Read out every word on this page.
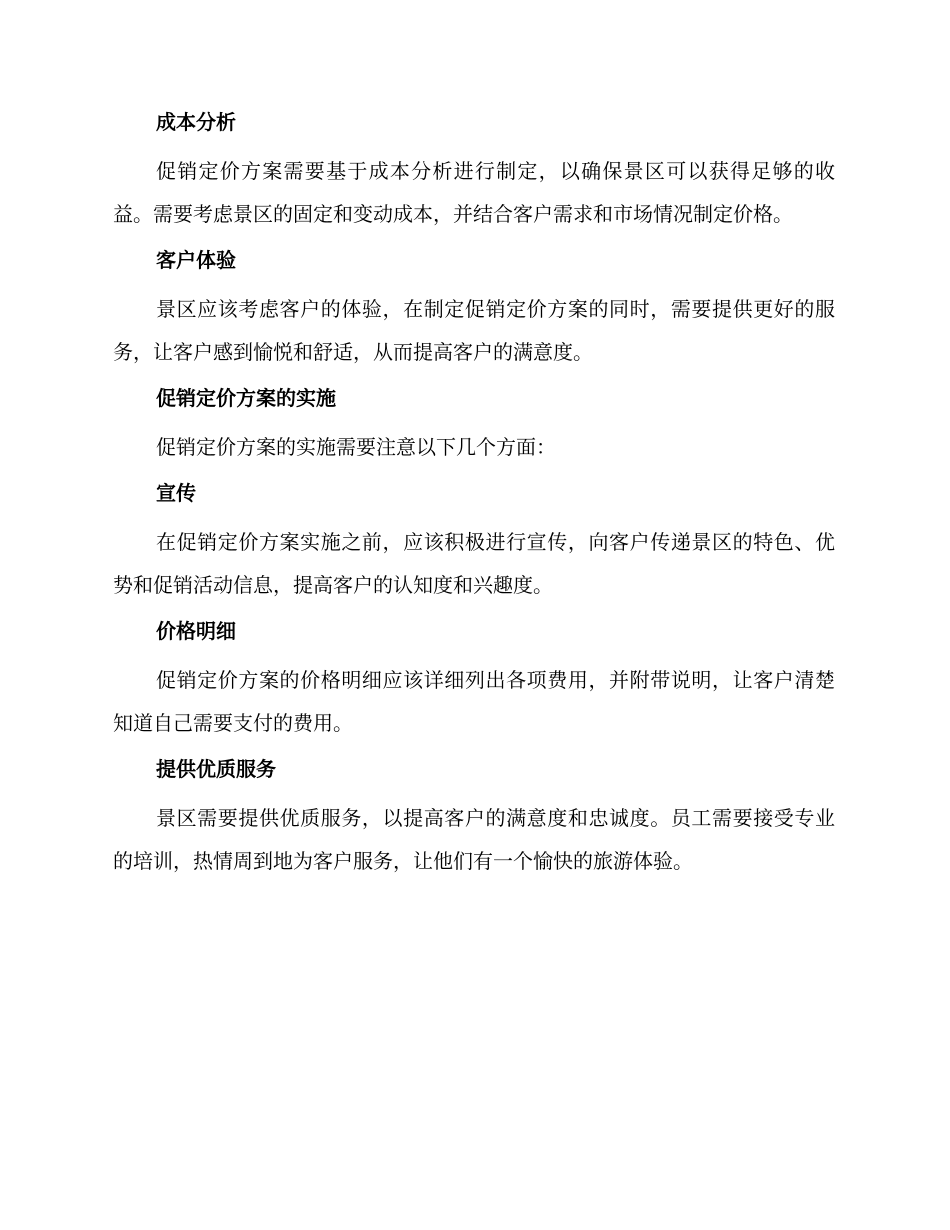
成本分析

促销定价方案需要基于成本分析进行制定，以确保景区可以获得足够的收益。需要考虑景区的固定和变动成本，并结合客户需求和市场情况制定价格。

客户体验

景区应该考虑客户的体验，在制定促销定价方案的同时，需要提供更好的服务，让客户感到愉悦和舒适，从而提高客户的满意度。

促销定价方案的实施

促销定价方案的实施需要注意以下几个方面：

宣传

在促销定价方案实施之前，应该积极进行宣传，向客户传递景区的特色、优势和促销活动信息，提高客户的认知度和兴趣度。

价格明细

促销定价方案的价格明细应该详细列出各项费用，并附带说明，让客户清楚知道自己需要支付的费用。

提供优质服务

景区需要提供优质服务，以提高客户的满意度和忠诚度。员工需要接受专业的培训，热情周到地为客户服务，让他们有一个愉快的旅游体验。
